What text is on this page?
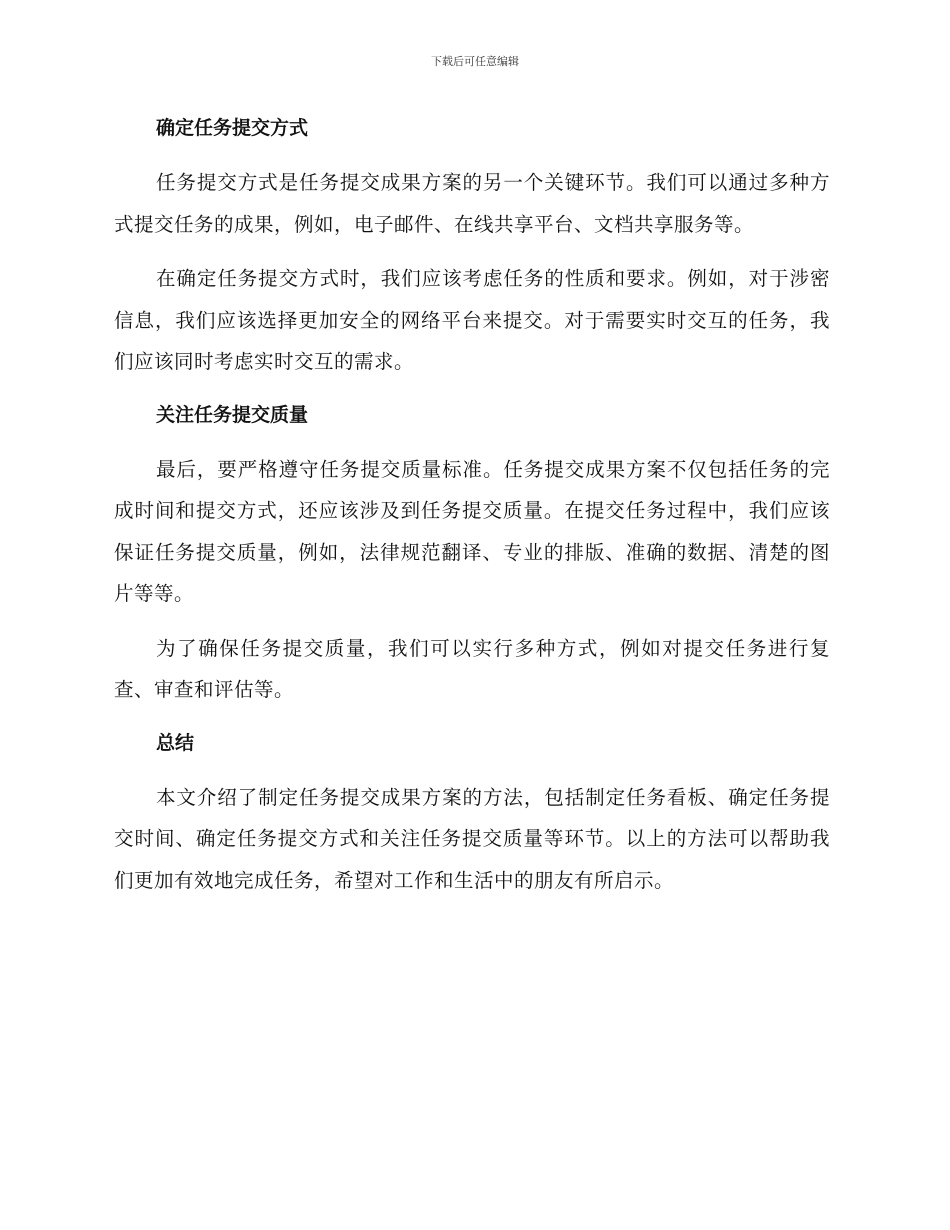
下载后可任意编辑
确定任务提交方式

任务提交方式是任务提交成果方案的另一个关键环节。我们可以通过多种方式提交任务的成果，例如，电子邮件、在线共享平台、文档共享服务等。

在确定任务提交方式时，我们应该考虑任务的性质和要求。例如，对于涉密信息，我们应该选择更加安全的网络平台来提交。对于需要实时交互的任务，我们应该同时考虑实时交互的需求。

关注任务提交质量

最后，要严格遵守任务提交质量标准。任务提交成果方案不仅包括任务的完成时间和提交方式，还应该涉及到任务提交质量。在提交任务过程中，我们应该保证任务提交质量，例如，法律规范翻译、专业的排版、准确的数据、清楚的图片等等。

为了确保任务提交质量，我们可以实行多种方式，例如对提交任务进行复查、审查和评估等。

总结

本文介绍了制定任务提交成果方案的方法，包括制定任务看板、确定任务提交时间、确定任务提交方式和关注任务提交质量等环节。以上的方法可以帮助我们更加有效地完成任务，希望对工作和生活中的朋友有所启示。
